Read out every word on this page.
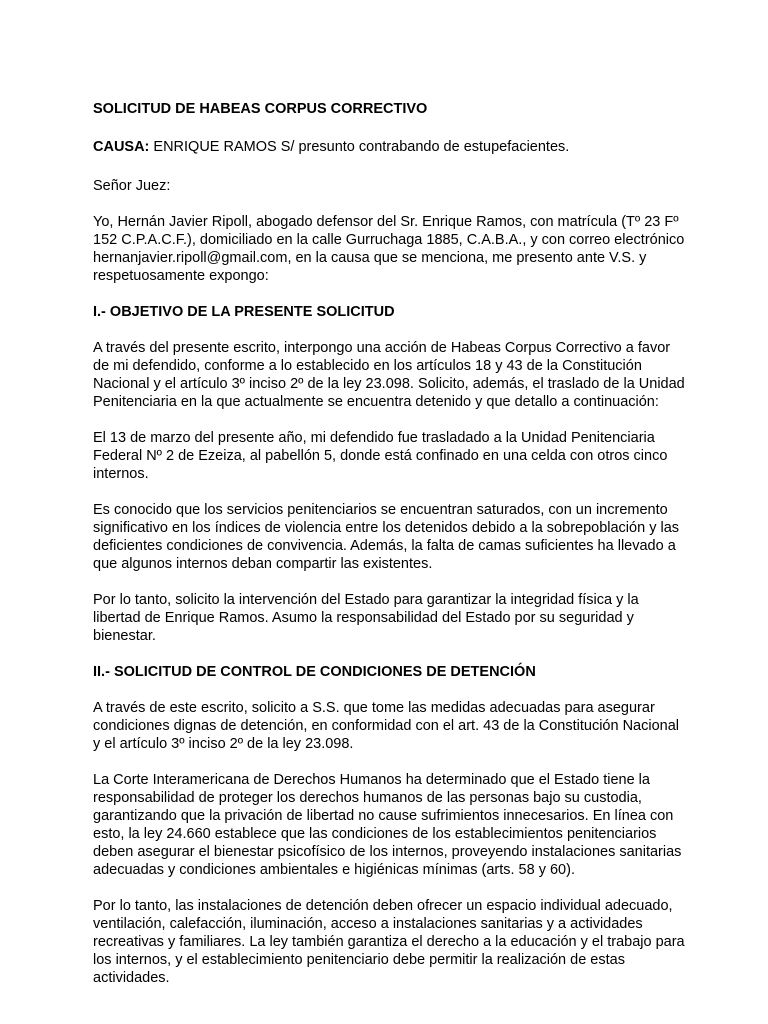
SOLICITUD DE HABEAS CORPUS CORRECTIVO

CAUSA: ENRIQUE RAMOS S/ presunto contrabando de estupefacientes.

Señor Juez:

Yo, Hernán Javier Ripoll, abogado defensor del Sr. Enrique Ramos, con matrícula (Tº 23 Fº 152 C.P.A.C.F.), domiciliado en la calle Gurruchaga 1885, C.A.B.A., y con correo electrónico hernanjavier.ripoll@gmail.com, en la causa que se menciona, me presento ante V.S. y respetuosamente expongo:

I.- OBJETIVO DE LA PRESENTE SOLICITUD

A través del presente escrito, interpongo una acción de Habeas Corpus Correctivo a favor de mi defendido, conforme a lo establecido en los artículos 18 y 43 de la Constitución Nacional y el artículo 3º inciso 2º de la ley 23.098. Solicito, además, el traslado de la Unidad Penitenciaria en la que actualmente se encuentra detenido y que detallo a continuación:

El 13 de marzo del presente año, mi defendido fue trasladado a la Unidad Penitenciaria Federal Nº 2 de Ezeiza, al pabellón 5, donde está confinado en una celda con otros cinco internos.

Es conocido que los servicios penitenciarios se encuentran saturados, con un incremento significativo en los índices de violencia entre los detenidos debido a la sobrepoblación y las deficientes condiciones de convivencia. Además, la falta de camas suficientes ha llevado a que algunos internos deban compartir las existentes.

Por lo tanto, solicito la intervención del Estado para garantizar la integridad física y la libertad de Enrique Ramos. Asumo la responsabilidad del Estado por su seguridad y bienestar.

II.- SOLICITUD DE CONTROL DE CONDICIONES DE DETENCIÓN

A través de este escrito, solicito a S.S. que tome las medidas adecuadas para asegurar condiciones dignas de detención, en conformidad con el art. 43 de la Constitución Nacional y el artículo 3º inciso 2º de la ley 23.098.

La Corte Interamericana de Derechos Humanos ha determinado que el Estado tiene la responsabilidad de proteger los derechos humanos de las personas bajo su custodia, garantizando que la privación de libertad no cause sufrimientos innecesarios. En línea con esto, la ley 24.660 establece que las condiciones de los establecimientos penitenciarios deben asegurar el bienestar psicofísico de los internos, proveyendo instalaciones sanitarias adecuadas y condiciones ambientales e higiénicas mínimas (arts. 58 y 60).

Por lo tanto, las instalaciones de detención deben ofrecer un espacio individual adecuado, ventilación, calefacción, iluminación, acceso a instalaciones sanitarias y a actividades recreativas y familiares. La ley también garantiza el derecho a la educación y el trabajo para los internos, y el establecimiento penitenciario debe permitir la realización de estas actividades.
